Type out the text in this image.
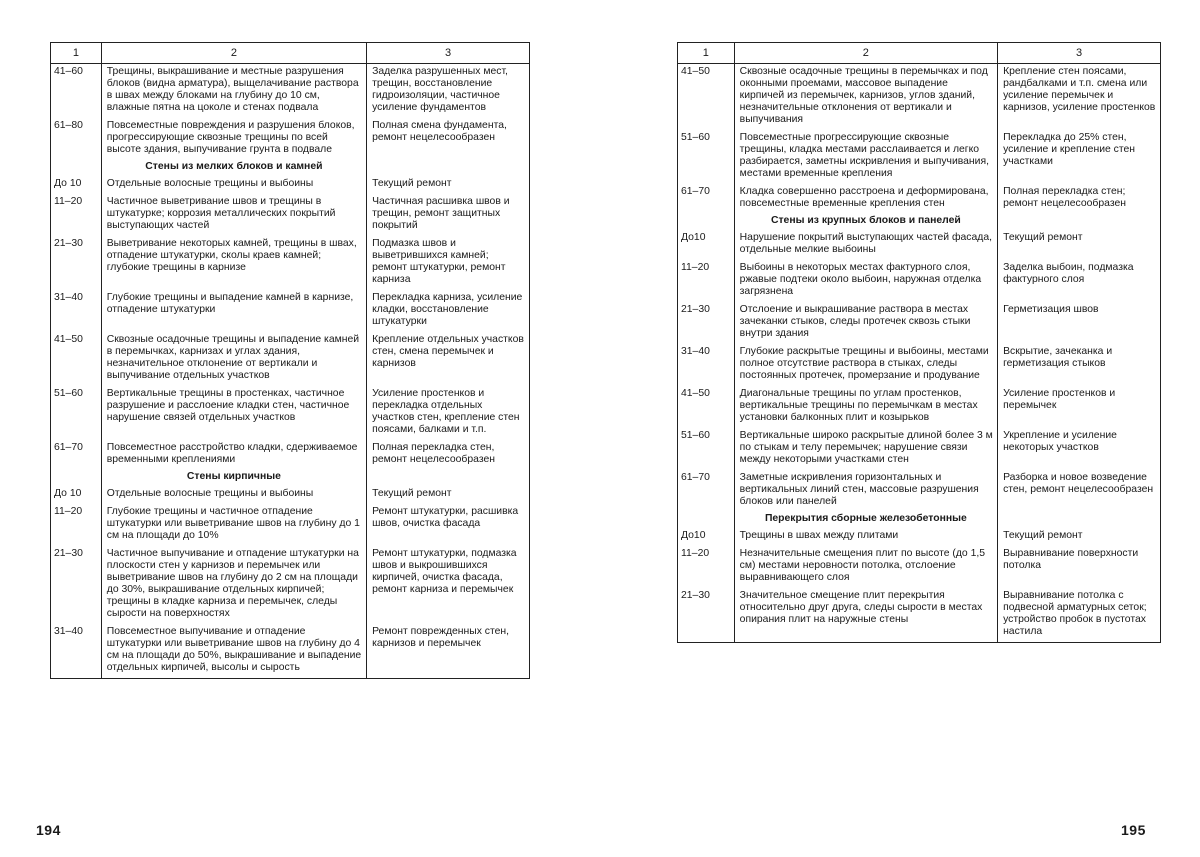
1	2	3
41–60	Трещины, выкрашивание и местные разрушения блоков (видна арматура), выщелачивание раствора в швах между блоками на глубину до 10 см, влажные пятна на цоколе и стенах подвала	Заделка разрушенных мест, трещин, восстановление гидроизоляции, частичное усиление фундаментов
61–80	Повсеместные повреждения и разрушения блоков, прогрессирующие сквозные трещины по всей высоте здания, выпучивание грунта в подвале	Полная смена фундамента, ремонт нецелесообразен
	Стены из мелких блоков и камней	
До 10	Отдельные волосные трещины и выбоины	Текущий ремонт
11–20	Частичное выветривание швов и трещины в штукатурке; коррозия металлических покрытий выступающих частей	Частичная расшивка швов и трещин, ремонт защитных покрытий
21–30	Выветривание некоторых камней, трещины в швах, отпадение штукатурки, сколы краев камней; глубокие трещины в карнизе	Подмазка швов и выветрившихся камней; ремонт штукатурки, ремонт карниза
31–40	Глубокие трещины и выпадение камней в карнизе, отпадение штукатурки	Перекладка карниза, усиление кладки, восстановление штукатурки
41–50	Сквозные осадочные трещины и выпадение камней в перемычках, карнизах и углах здания, незначительное отклонение от вертикали и выпучивание отдельных участков	Крепление отдельных участков стен, смена перемычек и карнизов
51–60	Вертикальные трещины в простенках, частичное разрушение и расслоение кладки стен, частичное нарушение связей отдельных участков	Усиление простенков и перекладка отдельных участков стен, крепление стен поясами, балками и т.п.
61–70	Повсеместное расстройство кладки, сдерживаемое временными креплениями	Полная перекладка стен, ремонт нецелесообразен
	Стены кирпичные	
До 10	Отдельные волосные трещины и выбоины	Текущий ремонт
11–20	Глубокие трещины и частичное отпадение штукатурки или выветривание швов на глубину до 1 см на площади до 10%	Ремонт штукатурки, расшивка швов, очистка фасада
21–30	Частичное выпучивание и отпадение штукатурки на плоскости стен у карнизов и перемычек или выветривание швов на глубину до 2 см на площади до 30%, выкрашивание отдельных кирпичей; трещины в кладке карниза и перемычек, следы сырости на поверхностях	Ремонт штукатурки, подмазка швов и выкрошившихся кирпичей, очистка фасада, ремонт карниза и перемычек
31–40	Повсеместное выпучивание и отпадение штукатурки или выветривание швов на глубину до 4 см на площади до 50%, выкрашивание и выпадение отдельных кирпичей, высолы и сырость	Ремонт поврежденных стен, карнизов и перемычек
1	2	3
41–50	Сквозные осадочные трещины в перемычках и под оконными проемами, массовое выпадение кирпичей из перемычек, карнизов, углов зданий, незначительные отклонения от вертикали и выпучивания	Крепление стен поясами, рандбалками и т.п. смена или усиление перемычек и карнизов, усиление простенков
51–60	Повсеместные прогрессирующие сквозные трещины, кладка местами расслаивается и легко разбирается, заметны искривления и выпучивания, местами временные крепления	Перекладка до 25% стен, усиление и крепление стен участками
61–70	Кладка совершенно расстроена и деформирована, повсеместные временные крепления стен	Полная перекладка стен; ремонт нецелесообразен
	Стены из крупных блоков и панелей	
До10	Нарушение покрытий выступающих частей фасада, отдельные мелкие выбоины	Текущий ремонт
11–20	Выбоины в некоторых местах фактурного слоя, ржавые подтеки около выбоин, наружная отделка загрязнена	Заделка выбоин, подмазка фактурного слоя
21–30	Отслоение и выкрашивание раствора в местах зачеканки стыков, следы протечек сквозь стыки внутри здания	Герметизация швов
31–40	Глубокие раскрытые трещины и выбоины, местами полное отсутствие раствора в стыках, следы постоянных протечек, промерзание и продувание	Вскрытие, зачеканка и герметизация стыков
41–50	Диагональные трещины по углам простенков, вертикальные трещины по перемычкам в местах установки балконных плит и козырьков	Усиление простенков и перемычек
51–60	Вертикальные широко раскрытые длиной более 3 м по стыкам и телу перемычек; нарушение связи между некоторыми участками стен	Укрепление и усиление некоторых участков
61–70	Заметные искривления горизонтальных и вертикальных линий стен, массовые разрушения блоков или панелей	Разборка и новое возведение стен, ремонт нецелесообразен
	Перекрытия сборные железобетонные	
До10	Трещины в швах между плитами	Текущий ремонт
11–20	Незначительные смещения плит по высоте (до 1,5 см) местами неровности потолка, отслоение выравнивающего слоя	Выравнивание поверхности потолка
21–30	Значительное смещение плит перекрытия относительно друг друга, следы сырости в местах опирания плит на наружные стены	Выравнивание потолка с подвесной арматурных сеток; устройство пробок в пустотах настила
194	195
